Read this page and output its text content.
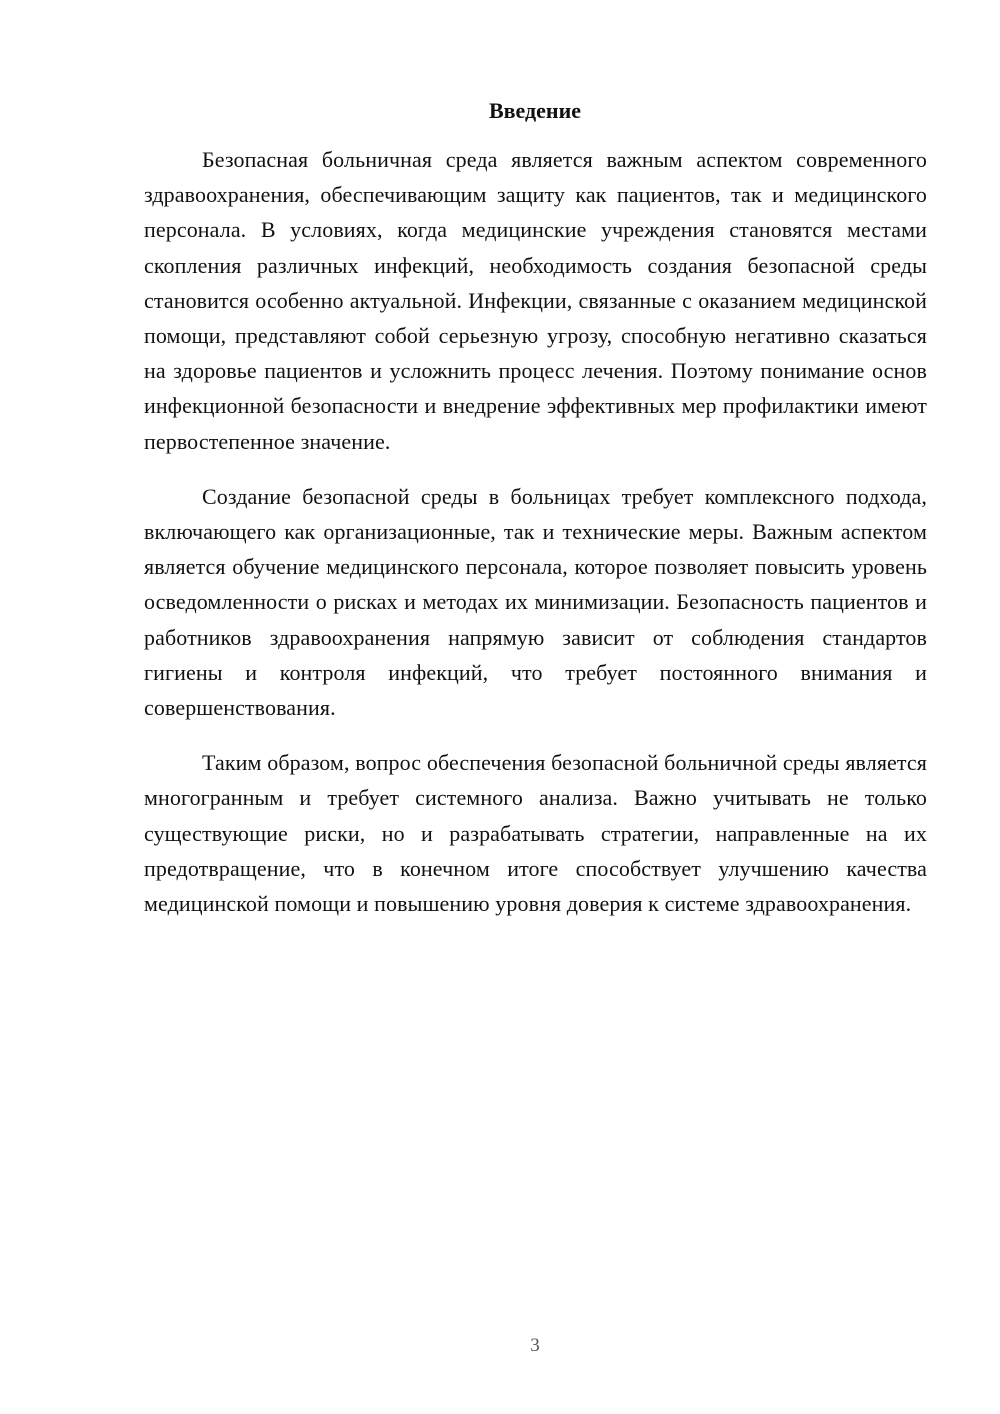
Введение

Безопасная больничная среда является важным аспектом современного здравоохранения, обеспечивающим защиту как пациентов, так и медицинского персонала. В условиях, когда медицинские учреждения становятся местами скопления различных инфекций, необходимость создания безопасной среды становится особенно актуальной. Инфекции, связанные с оказанием медицинской помощи, представляют собой серьезную угрозу, способную негативно сказаться на здоровье пациентов и усложнить процесс лечения. Поэтому понимание основ инфекционной безопасности и внедрение эффективных мер профилактики имеют первостепенное значение.

Создание безопасной среды в больницах требует комплексного подхода, включающего как организационные, так и технические меры. Важным аспектом является обучение медицинского персонала, которое позволяет повысить уровень осведомленности о рисках и методах их минимизации. Безопасность пациентов и работников здравоохранения напрямую зависит от соблюдения стандартов гигиены и контроля инфекций, что требует постоянного внимания и совершенствования.

Таким образом, вопрос обеспечения безопасной больничной среды является многогранным и требует системного анализа. Важно учитывать не только существующие риски, но и разрабатывать стратегии, направленные на их предотвращение, что в конечном итоге способствует улучшению качества медицинской помощи и повышению уровня доверия к системе здравоохранения.

3
